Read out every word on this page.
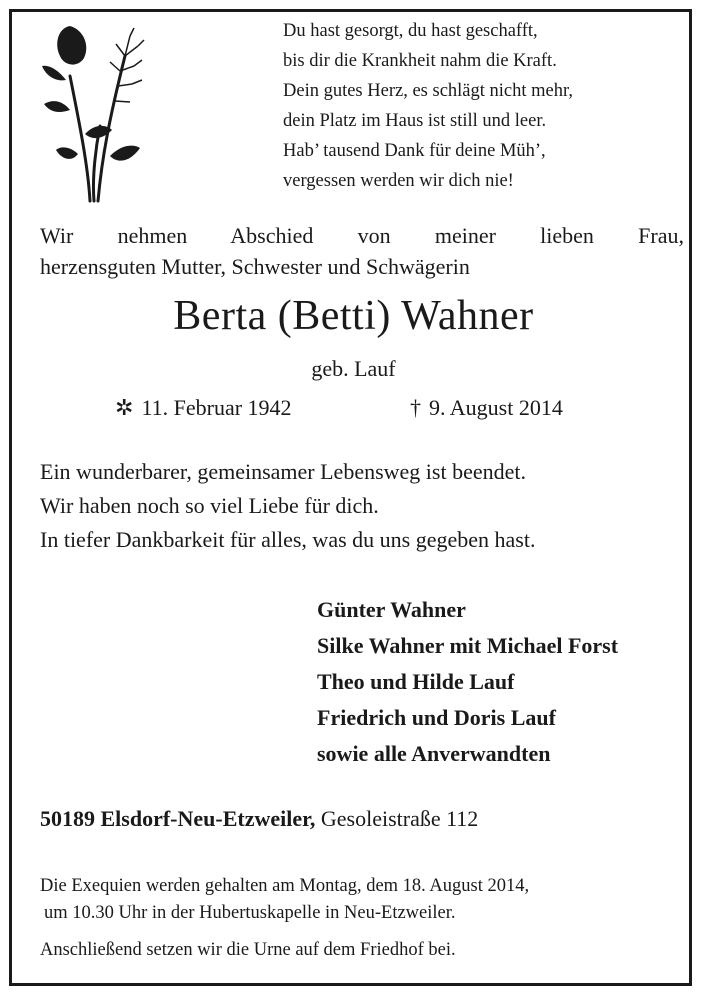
Du hast gesorgt, du hast geschafft,
bis dir die Krankheit nahm die Kraft.
Dein gutes Herz, es schlägt nicht mehr,
dein Platz im Haus ist still und leer.
Hab’ tausend Dank für deine Müh’,
vergessen werden wir dich nie!
Wir nehmen Abschied von meiner lieben Frau,
herzensguten Mutter, Schwester und Schwägerin
Berta (Betti) Wahner
geb. Lauf
✲ 11. Februar 1942	† 9. August 2014
Ein wunderbarer, gemeinsamer Lebensweg ist beendet.
Wir haben noch so viel Liebe für dich.
In tiefer Dankbarkeit für alles, was du uns gegeben hast.
Günter Wahner
Silke Wahner mit Michael Forst
Theo und Hilde Lauf
Friedrich und Doris Lauf
sowie alle Anverwandten
50189 Elsdorf-Neu-Etzweiler, Gesoleistraße 112
Die Exequien werden gehalten am Montag, dem 18. August 2014,
um 10.30 Uhr in der Hubertuskapelle in Neu-Etzweiler.
Anschließend setzen wir die Urne auf dem Friedhof bei.
